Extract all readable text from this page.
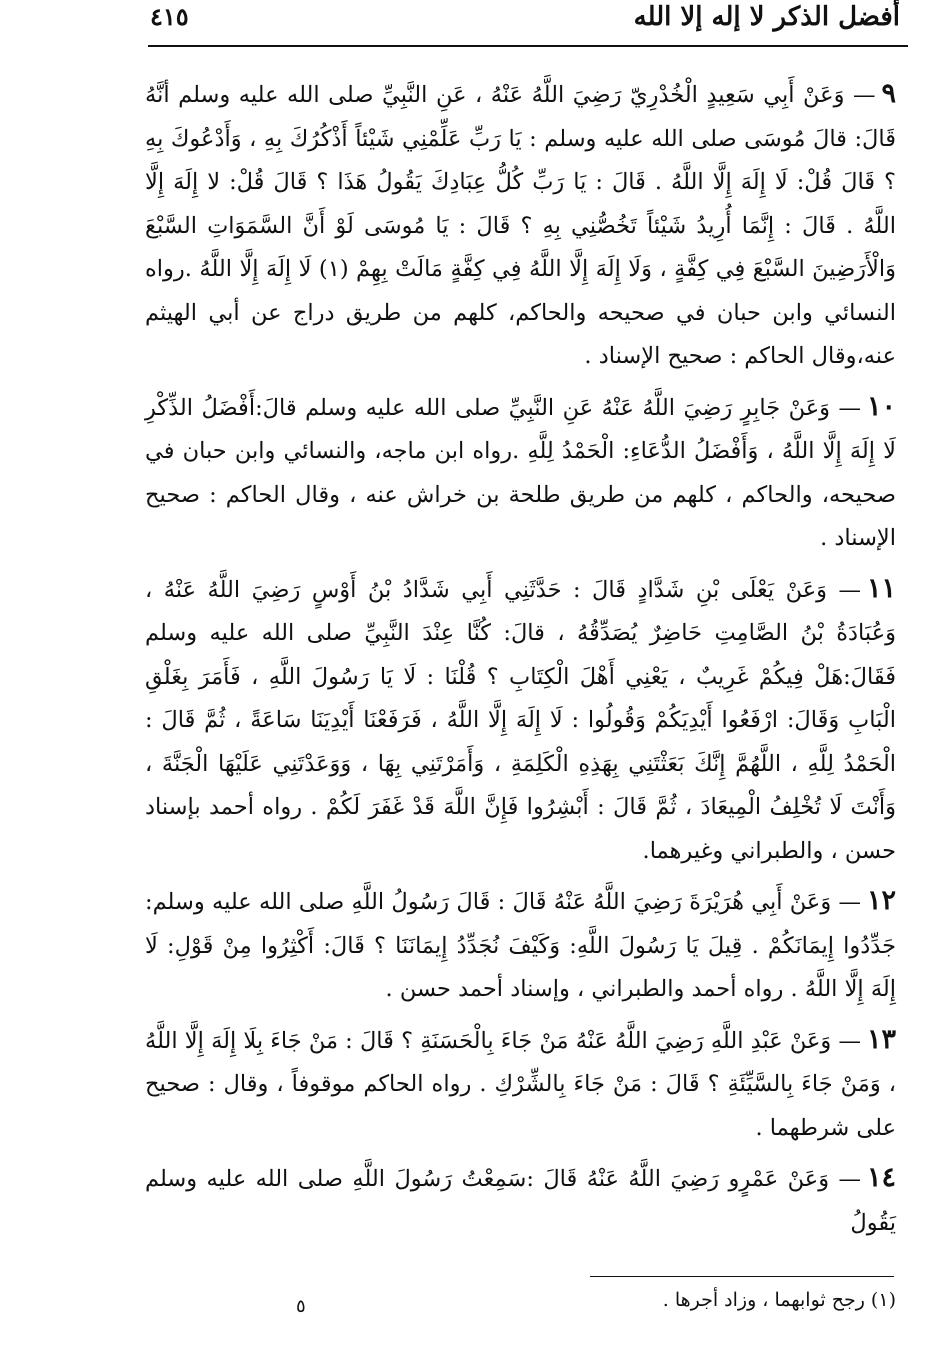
أفضل الذكر لا إله إلا الله
٤١٥

٩— وَعَنْ أَبِي سَعِيدٍ الْخُدْرِيّ رَضِيَ اللَّهُ عَنْهُ ، عَنِ النَّبِيِّ صلى الله عليه وسلم أنَّهُ قَالَ: قالَ مُوسَى صلى الله عليه وسلم : يَا رَبِّ عَلِّمْنِي شَيْئاً أَذْكُرُكَ بِهِ ، وَأَدْعُوكَ بِهِ ؟ قَالَ قُلْ: لَا إِلَهَ إِلَّا اللَّهُ . قَالَ : يَا رَبِّ كُلُّ عِبَادِكَ يَقُولُ هَذَا ؟ قَالَ قُلْ: لا إِلَهَ إِلَّا اللَّهُ . قَالَ : إِنَّمَا أُرِيدُ شَيْئاً تَخُصُّنِي بِهِ ؟ قَالَ : يَا مُوسَى لَوْ أَنَّ السَّمَوَاتِ السَّبْعَ وَالْأَرَضِينَ السَّبْعَ فِي كِفَّةٍ ، وَلَا إِلَهَ إِلَّا اللَّهُ فِي كِفَّةٍ مَالَتْ بِهِمْ (١) لَا إِلَهَ إِلَّا اللَّهُ .رواه النسائي وابن حبان في صحيحه والحاكم، كلهم من طريق دراج عن أبي الهيثم عنه،وقال الحاكم : صحيح الإسناد .

١٠— وَعَنْ جَابِرٍ رَضِيَ اللَّهُ عَنْهُ عَنِ النَّبِيِّ صلى الله عليه وسلم قالَ:أَفْضَلُ الذِّكْرِ لَا إِلَهَ إِلَّا اللَّهُ ، وَأَفْضَلُ الدُّعَاءِ: الْحَمْدُ لِلَّهِ .رواه ابن ماجه، والنسائي وابن حبان في صحيحه، والحاكم ، كلهم من طريق طلحة بن خراش عنه ، وقال الحاكم : صحيح الإسناد .

١١— وَعَنْ يَعْلَى بْنِ شَدَّادٍ قَالَ : حَدَّثَنِي أَبِي شَدَّادُ بْنُ أَوْسٍ رَضِيَ اللَّهُ عَنْهُ ، وَعُبَادَةُ بْنُ الصَّامِتِ حَاضِرٌ يُصَدِّقُهُ ، قالَ: كُنَّا عِنْدَ النَّبِيِّ صلى الله عليه وسلم فَقَالَ:هَلْ فِيكُمْ غَرِيبٌ ، يَعْنِي أَهْلَ الْكِتَابِ ؟ قُلْنَا : لَا يَا رَسُولَ اللَّهِ ، فَأَمَرَ بِغَلْقِ الْبَابِ وَقَالَ: ارْفَعُوا أَيْدِيَكُمْ وَقُولُوا : لَا إِلَهَ إِلَّا اللَّهُ ، فَرَفَعْنَا أَيْدِيَنَا سَاعَةً ، ثُمَّ قَالَ : الْحَمْدُ لِلَّهِ ، اللَّهُمَّ إِنَّكَ بَعَثْتَنِي بِهَذِهِ الْكَلِمَةِ ، وَأَمَرْتَنِي بِهَا ، وَوَعَدْتَنِي عَلَيْهَا الْجَنَّةَ ، وَأَنْتَ لَا تُخْلِفُ الْمِيعَادَ ، ثُمَّ قَالَ : أَبْشِرُوا فَإِنَّ اللَّهَ قَدْ غَفَرَ لَكُمْ . رواه أحمد بإسناد حسن ، والطبراني وغيرهما.

١٢— وَعَنْ أَبِي هُرَيْرَةَ رَضِيَ اللَّهُ عَنْهُ قَالَ : قَالَ رَسُولُ اللَّهِ صلى الله عليه وسلم: جَدِّدُوا إِيمَانَكُمْ . قِيلَ يَا رَسُولَ اللَّهِ: وَكَيْفَ نُجَدِّدُ إِيمَانَنَا ؟ قَالَ: أَكْثِرُوا مِنْ قَوْلِ: لَا إِلَهَ إِلَّا اللَّهُ . رواه أحمد والطبراني ، وإسناد أحمد حسن .

١٣— وَعَنْ عَبْدِ اللَّهِ رَضِيَ اللَّهُ عَنْهُ مَنْ جَاءَ بِالْحَسَنَةِ ؟ قَالَ : مَنْ جَاءَ بِلَا إِلَهَ إِلَّا اللَّهُ ، وَمَنْ جَاءَ بِالسَّيِّئَةِ ؟ قَالَ : مَنْ جَاءَ بِالشِّرْكِ . رواه الحاكم موقوفاً ، وقال : صحيح على شرطهما .

١٤— وَعَنْ عَمْرٍو رَضِيَ اللَّهُ عَنْهُ قَالَ :سَمِعْتُ رَسُولَ اللَّهِ صلى الله عليه وسلم يَقُولُ

٥	(١) رجح ثوابهما ، وزاد أجرها .
